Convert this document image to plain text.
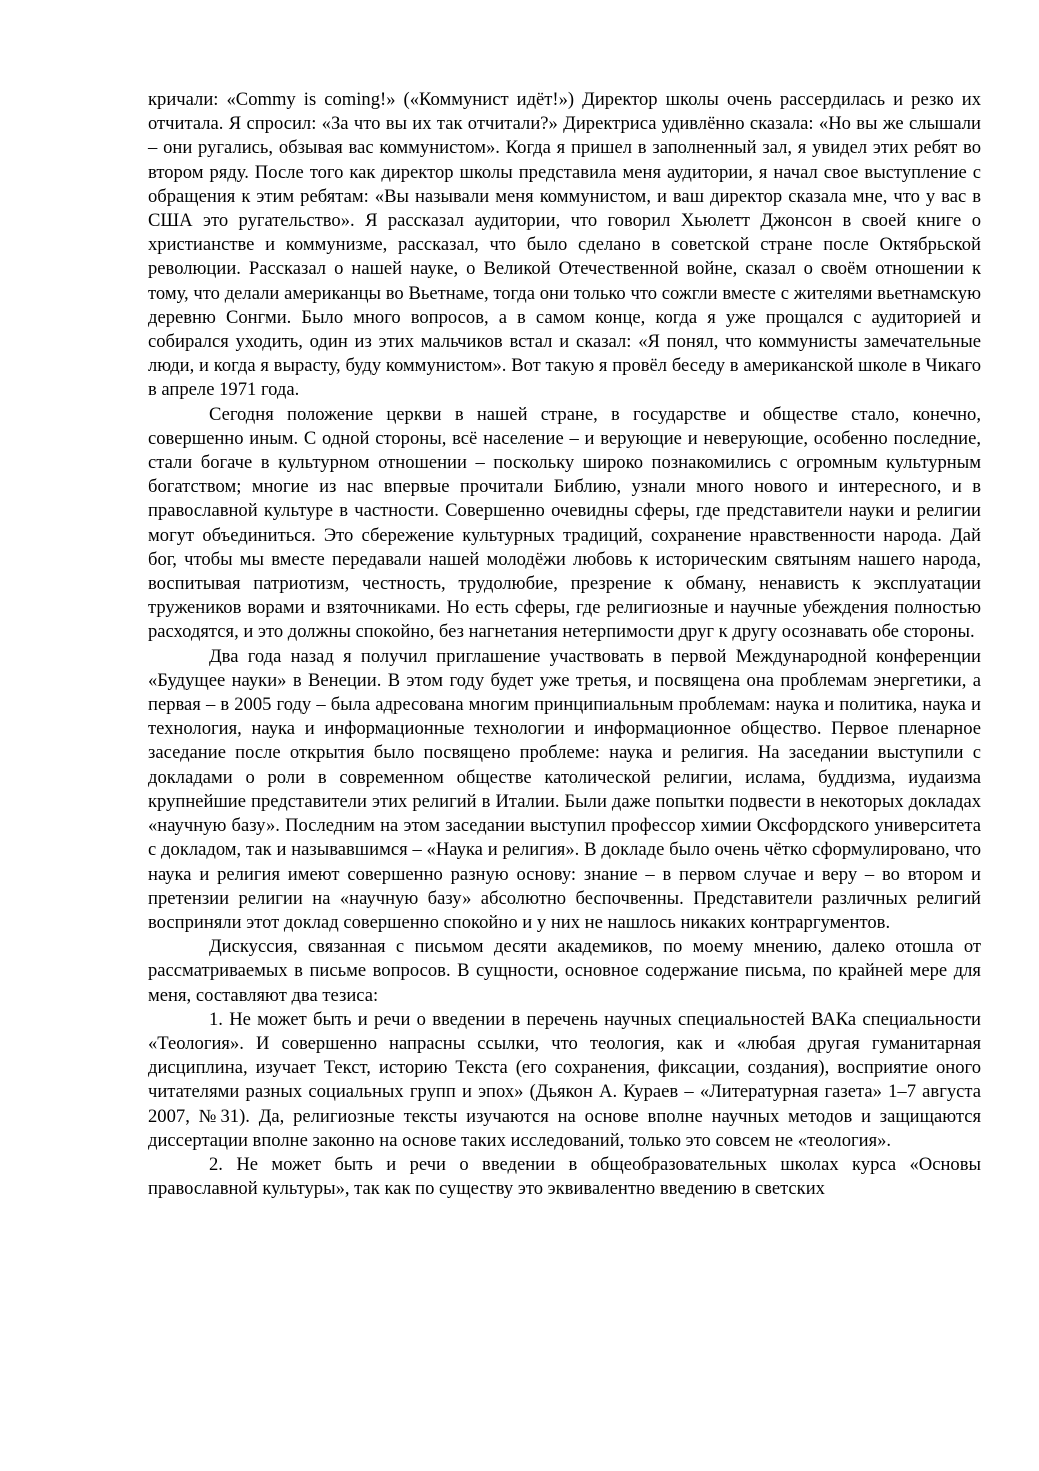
кричали: «Commy is coming!» («Коммунист идёт!») Директор школы очень рассердилась и резко их отчитала. Я спросил: «За что вы их так отчитали?» Директриса удивлённо сказала: «Но вы же слышали – они ругались, обзывая вас коммунистом». Когда я пришел в заполненный зал, я увидел этих ребят во втором ряду. После того как директор школы представила меня аудитории, я начал свое выступление с обращения к этим ребятам: «Вы называли меня коммунистом, и ваш директор сказала мне, что у вас в США это ругательство». Я рассказал аудитории, что говорил Хьюлетт Джонсон в своей книге о христианстве и коммунизме, рассказал, что было сделано в советской стране после Октябрьской революции. Рассказал о нашей науке, о Великой Отечественной войне, сказал о своём отношении к тому, что делали американцы во Вьетнаме, тогда они только что сожгли вместе с жителями вьетнамскую деревню Сонгми. Было много вопросов, а в самом конце, когда я уже прощался с аудиторией и собирался уходить, один из этих мальчиков встал и сказал: «Я понял, что коммунисты замечательные люди, и когда я вырасту, буду коммунистом». Вот такую я провёл беседу в американской школе в Чикаго в апреле 1971 года.

Сегодня положение церкви в нашей стране, в государстве и обществе стало, конечно, совершенно иным. С одной стороны, всё население – и верующие и неверующие, особенно последние, стали богаче в культурном отношении – поскольку широко познакомились с огромным культурным богатством; многие из нас впервые прочитали Библию, узнали много нового и интересного, и в православной культуре в частности. Совершенно очевидны сферы, где представители науки и религии могут объединиться. Это сбережение культурных традиций, сохранение нравственности народа. Дай бог, чтобы мы вместе передавали нашей молодёжи любовь к историческим святыням нашего народа, воспитывая патриотизм, честность, трудолюбие, презрение к обману, ненависть к эксплуатации тружеников ворами и взяточниками. Но есть сферы, где религиозные и научные убеждения полностью расходятся, и это должны спокойно, без нагнетания нетерпимости друг к другу осознавать обе стороны.

Два года назад я получил приглашение участвовать в первой Международной конференции «Будущее науки» в Венеции. В этом году будет уже третья, и посвящена она проблемам энергетики, а первая – в 2005 году – была адресована многим принципиальным проблемам: наука и политика, наука и технология, наука и информационные технологии и информационное общество. Первое пленарное заседание после открытия было посвящено проблеме: наука и религия. На заседании выступили с докладами о роли в современном обществе католической религии, ислама, буддизма, иудаизма крупнейшие представители этих религий в Италии. Были даже попытки подвести в некоторых докладах «научную базу». Последним на этом заседании выступил профессор химии Оксфордского университета с докладом, так и называвшимся – «Наука и религия». В докладе было очень чётко сформулировано, что наука и религия имеют совершенно разную основу: знание – в первом случае и веру – во втором и претензии религии на «научную базу» абсолютно беспочвенны. Представители различных религий восприняли этот доклад совершенно спокойно и у них не нашлось никаких контраргументов.

Дискуссия, связанная с письмом десяти академиков, по моему мнению, далеко отошла от рассматриваемых в письме вопросов. В сущности, основное содержание письма, по крайней мере для меня, составляют два тезиса:

1. Не может быть и речи о введении в перечень научных специальностей ВАКа специальности «Теология». И совершенно напрасны ссылки, что теология, как и «любая другая гуманитарная дисциплина, изучает Текст, историю Текста (его сохранения, фиксации, создания), восприятие оного читателями разных социальных групп и эпох» (Дьякон А. Кураев – «Литературная газета» 1–7 августа 2007, №31). Да, религиозные тексты изучаются на основе вполне научных методов и защищаются диссертации вполне законно на основе таких исследований, только это совсем не «теология».

2. Не может быть и речи о введении в общеобразовательных школах курса «Основы православной культуры», так как по существу это эквивалентно введению в светских
